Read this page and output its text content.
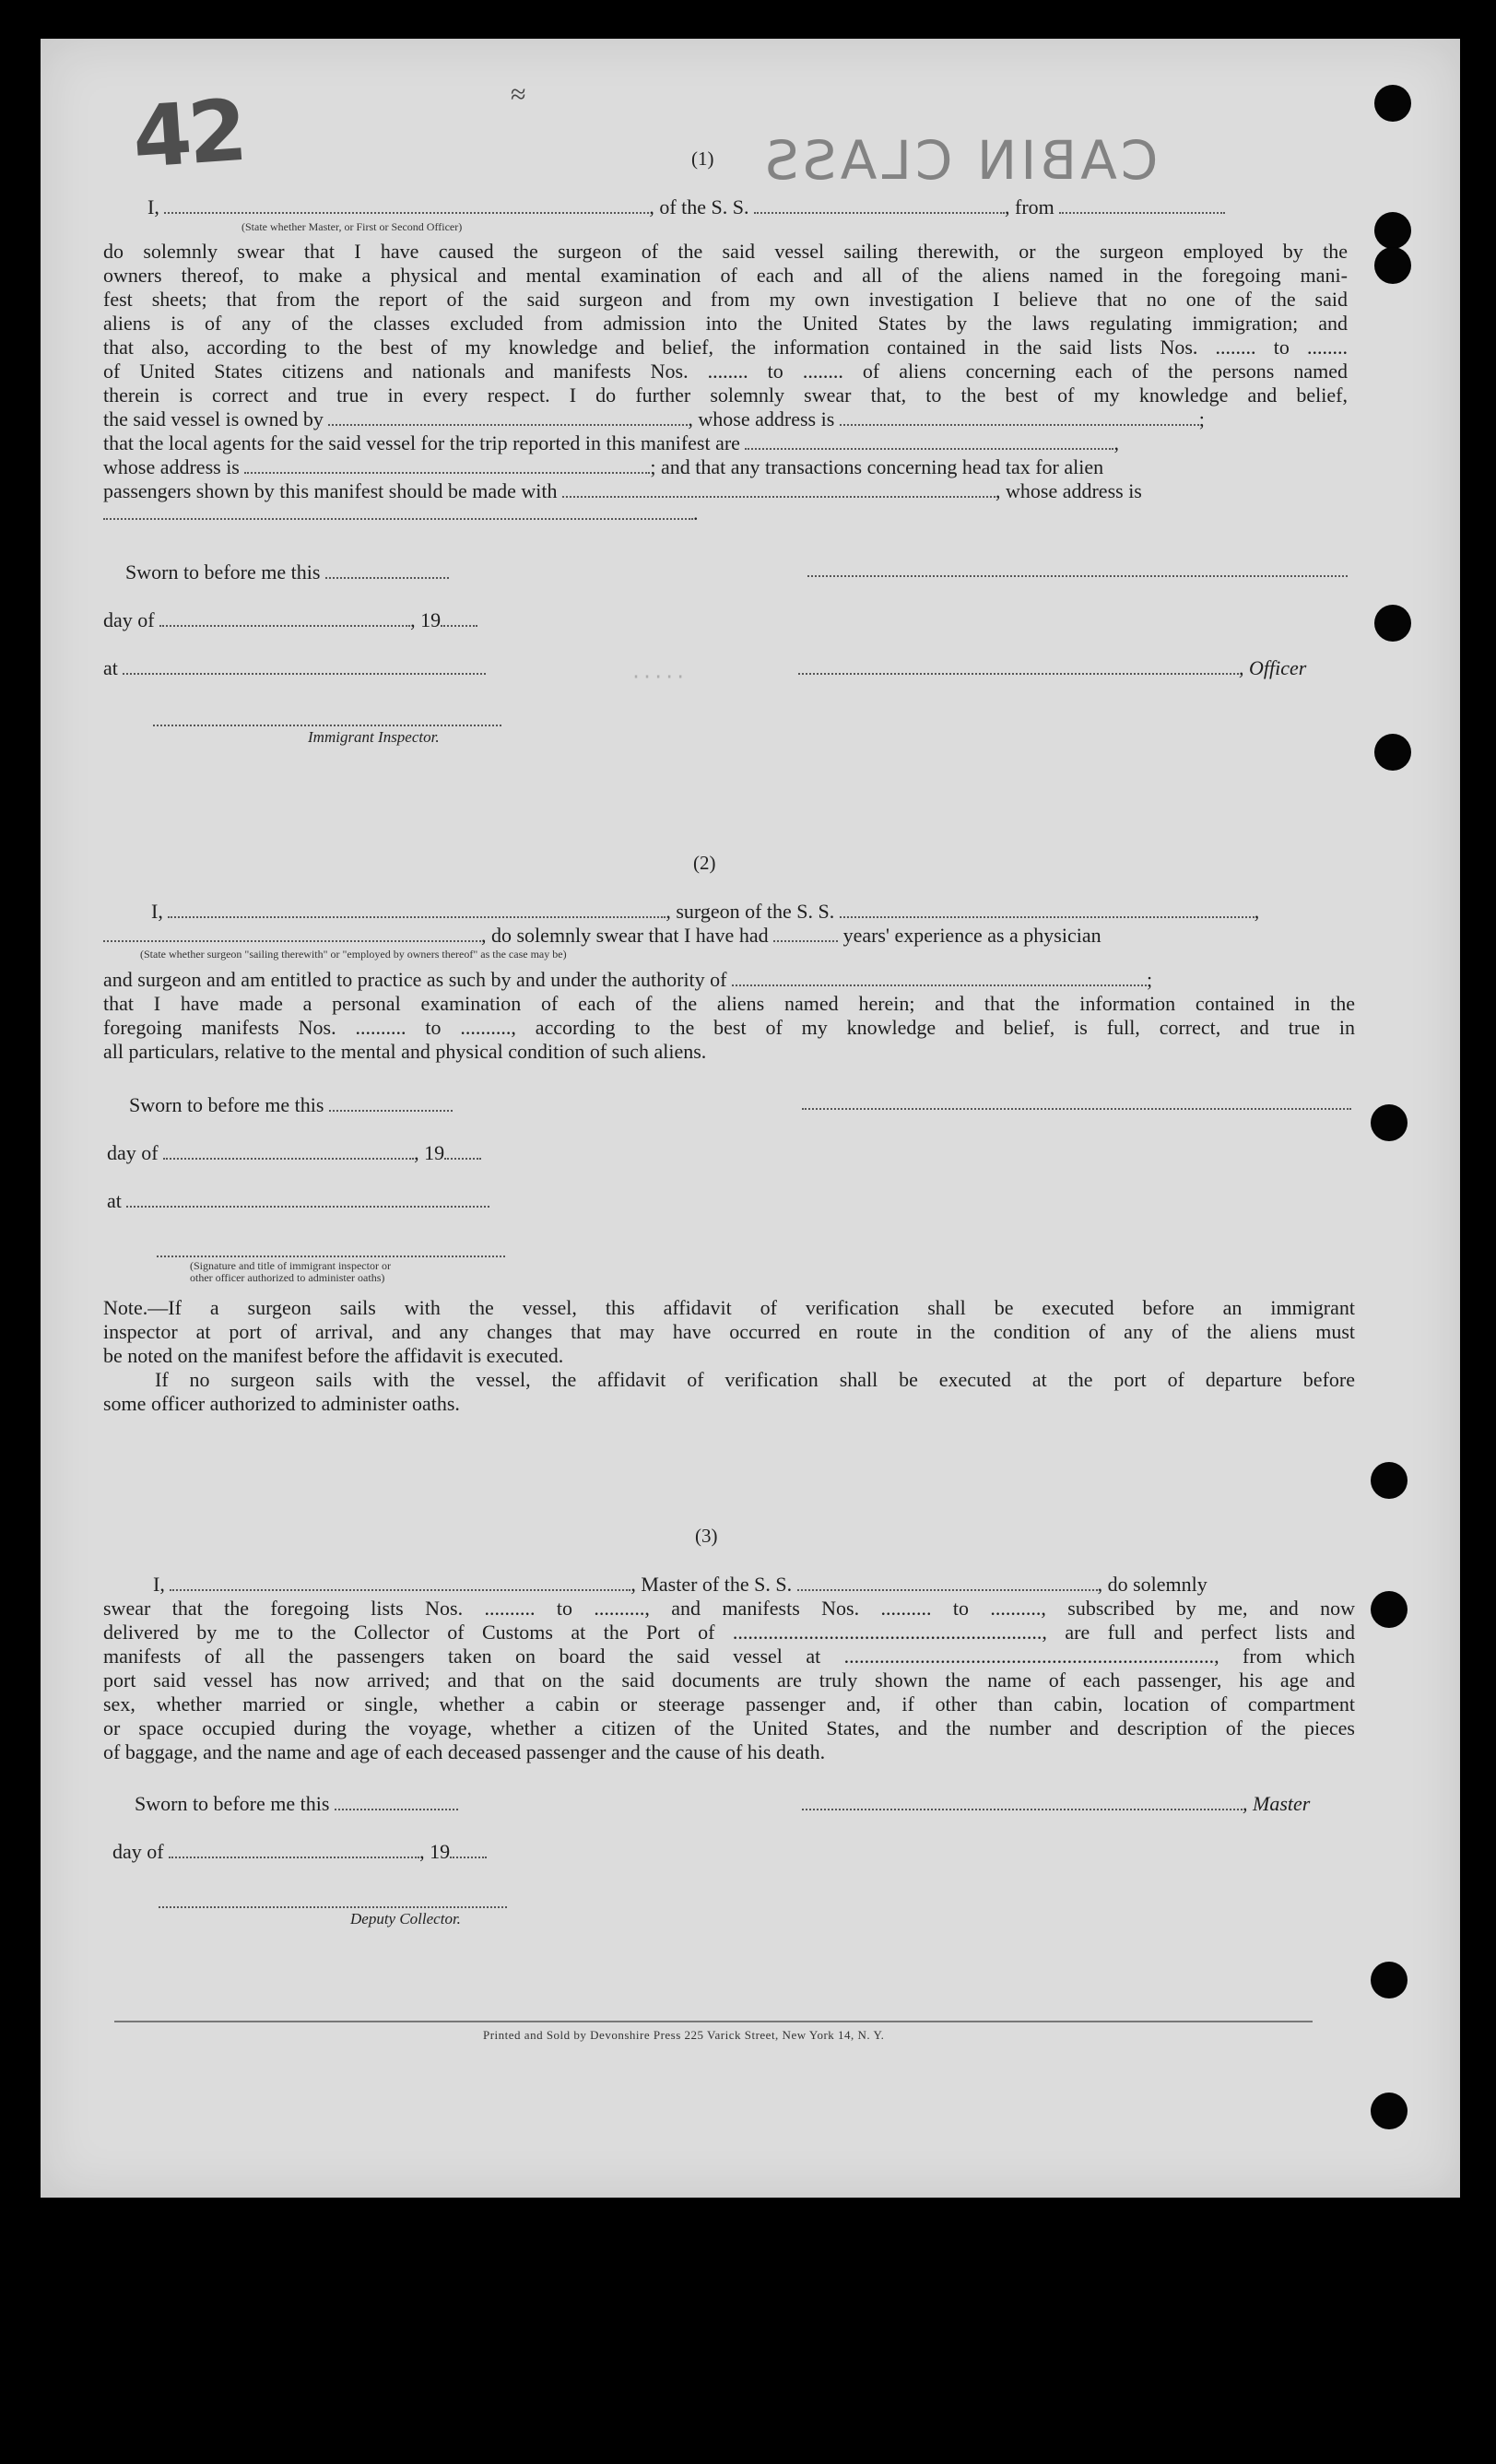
42	≈
CABIN CLASS
·····
(1)
I,	, of the S. S.	, from
(State whether Master, or First or Second Officer)
do solemnly swear that I have caused the surgeon of the said vessel sailing therewith, or the surgeon employed by the
owners thereof, to make a physical and mental examination of each and all of the aliens named in the foregoing mani-
fest sheets; that from the report of the said surgeon and from my own investigation I believe that no one of the said
aliens is of any of the classes excluded from admission into the United States by the laws regulating immigration; and
that also, according to the best of my knowledge and belief, the information contained in the said lists Nos. ........ to ........
of United States citizens and nationals and manifests Nos. ........ to ........ of aliens concerning each of the persons named
therein is correct and true in every respect. I do further solemnly swear that, to the best of my knowledge and belief,
the said vessel is owned by	, whose address is	;
that the local agents for the said vessel for the trip reported in this manifest are	,
whose address is	; and that any transactions concerning head tax for alien
passengers shown by this manifest should be made with	, whose address is
.
Sworn to before me this
day of	, 19
at	, Officer
Immigrant Inspector.
(2)
I,	, surgeon of the S. S.	,
, do solemnly swear that I have had	years' experience as a physician
(State whether surgeon "sailing therewith" or "employed by owners thereof" as the case may be)
and surgeon and am entitled to practice as such by and under the authority of	;
that I have made a personal examination of each of the aliens named herein; and that the information contained in the
foregoing manifests Nos. .......... to .........., according to the best of my knowledge and belief, is full, correct, and true in
all particulars, relative to the mental and physical condition of such aliens.
Sworn to before me this
day of	, 19
at
(Signature and title of immigrant inspector or
other officer authorized to administer oaths)
Note.—If a surgeon sails with the vessel, this affidavit of verification shall be executed before an immigrant
inspector at port of arrival, and any changes that may have occurred en route in the condition of any of the aliens must
be noted on the manifest before the affidavit is executed.
If no surgeon sails with the vessel, the affidavit of verification shall be executed at the port of departure before
some officer authorized to administer oaths.
(3)
I,	, Master of the S. S.	, do solemnly
swear that the foregoing lists Nos. .......... to .........., and manifests Nos. .......... to .........., subscribed by me, and now
delivered by me to the Collector of Customs at the Port of ............................................................., are full and perfect lists and
manifests of all the passengers taken on board the said vessel at ........................................................................., from which
port said vessel has now arrived; and that on the said documents are truly shown the name of each passenger, his age and
sex, whether married or single, whether a cabin or steerage passenger and, if other than cabin, location of compartment
or space occupied during the voyage, whether a citizen of the United States, and the number and description of the pieces
of baggage, and the name and age of each deceased passenger and the cause of his death.
Sworn to before me this	, Master
day of	, 19
Deputy Collector.
Printed and Sold by Devonshire Press 225 Varick Street, New York 14, N. Y.
